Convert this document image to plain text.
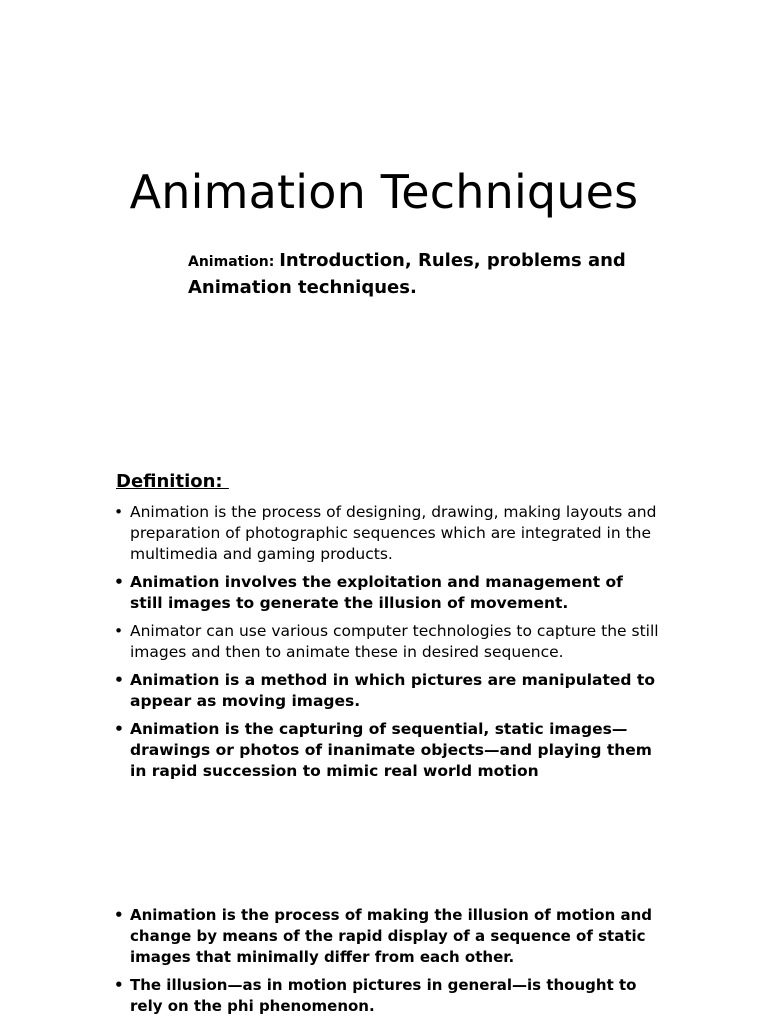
Animation Techniques
Animation: Introduction, Rules, problems and Animation techniques.
Definition:
• Animation is the process of designing, drawing, making layouts and preparation of photographic sequences which are integrated in the multimedia and gaming products.
• Animation involves the exploitation and management of still images to generate the illusion of movement.
• Animator can use various computer technologies to capture the still images and then to animate these in desired sequence.
• Animation is a method in which pictures are manipulated to appear as moving images.
• Animation is the capturing of sequential, static images—drawings or photos of inanimate objects—and playing them in rapid succession to mimic real world motion
• Animation is the process of making the illusion of motion and change by means of the rapid display of a sequence of static images that minimally differ from each other.
• The illusion—as in motion pictures in general—is thought to rely on the phi phenomenon.
